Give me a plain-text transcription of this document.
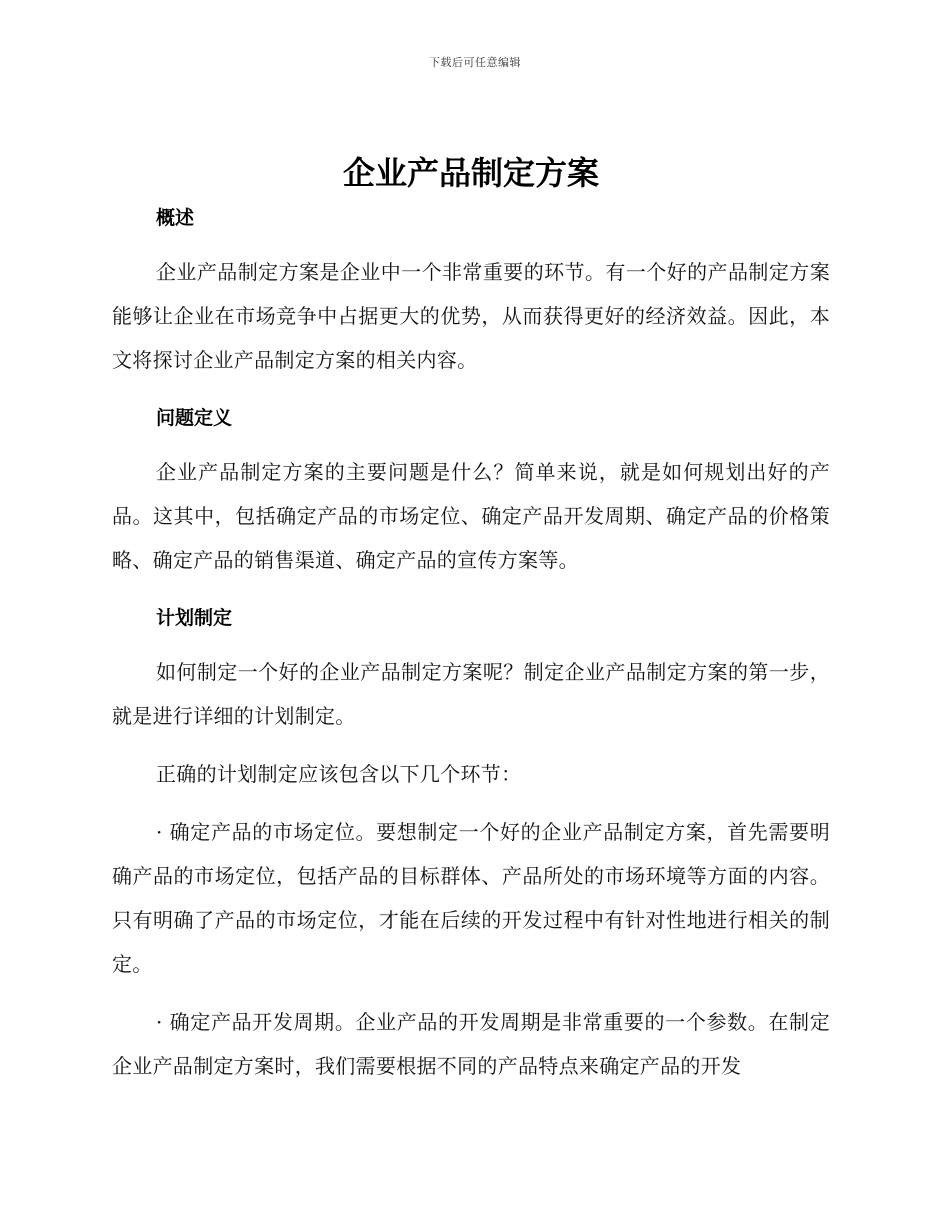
下载后可任意编辑
企业产品制定方案
概述

企业产品制定方案是企业中一个非常重要的环节。有一个好的产品制定方案能够让企业在市场竞争中占据更大的优势，从而获得更好的经济效益。因此，本文将探讨企业产品制定方案的相关内容。

问题定义

企业产品制定方案的主要问题是什么？简单来说，就是如何规划出好的产品。这其中，包括确定产品的市场定位、确定产品开发周期、确定产品的价格策略、确定产品的销售渠道、确定产品的宣传方案等。

计划制定

如何制定一个好的企业产品制定方案呢？制定企业产品制定方案的第一步，就是进行详细的计划制定。

正确的计划制定应该包含以下几个环节：

· 确定产品的市场定位。要想制定一个好的企业产品制定方案，首先需要明确产品的市场定位，包括产品的目标群体、产品所处的市场环境等方面的内容。只有明确了产品的市场定位，才能在后续的开发过程中有针对性地进行相关的制定。

· 确定产品开发周期。企业产品的开发周期是非常重要的一个参数。在制定企业产品制定方案时，我们需要根据不同的产品特点来确定产品的开发
